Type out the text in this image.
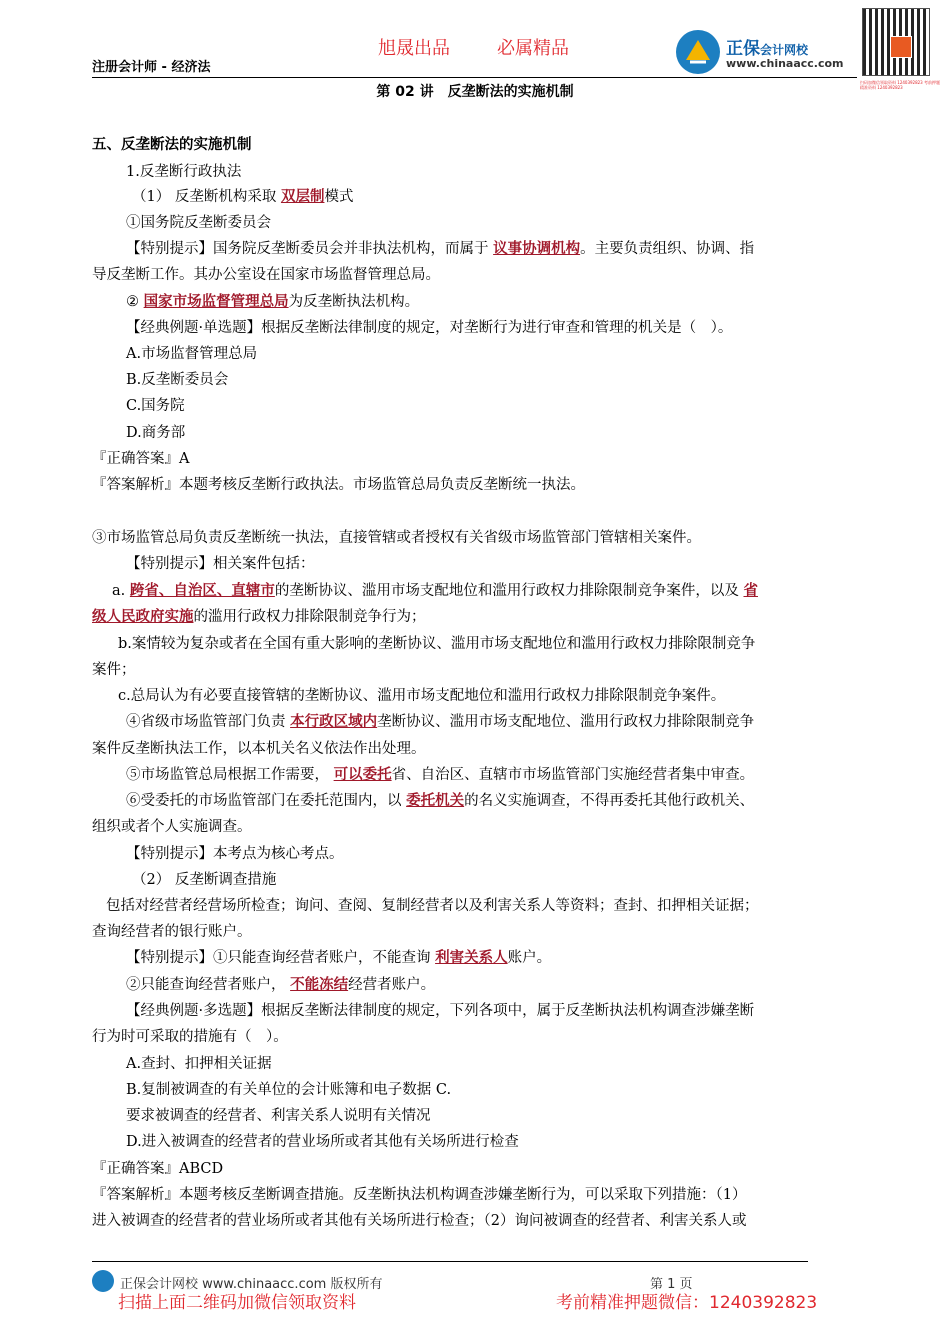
注册会计师 - 经济法
旭晟出品	必属精品	正保会计网校
www.chinaacc.com
扫码加微信领取资料 1240392823 考前押题 精准资料 1240392823
第 02 讲　反垄断法的实施机制
五、反垄断法的实施机制
1.反垄断行政执法
（1） 反垄断机构采取 双层制模式
①国务院反垄断委员会
【特别提示】国务院反垄断委员会并非执法机构，而属于 议事协调机构。主要负责组织、协调、指
导反垄断工作。其办公室设在国家市场监督管理总局。
② 国家市场监督管理总局为反垄断执法机构。
【经典例题·单选题】根据反垄断法律制度的规定，对垄断行为进行审查和管理的机关是（　）。
A.市场监督管理总局
B.反垄断委员会
C.国务院
D.商务部
『正确答案』A
『答案解析』本题考核反垄断行政执法。市场监管总局负责反垄断统一执法。
③市场监管总局负责反垄断统一执法，直接管辖或者授权有关省级市场监管部门管辖相关案件。
【特别提示】相关案件包括：
a. 跨省、自治区、直辖市的垄断协议、滥用市场支配地位和滥用行政权力排除限制竞争案件，以及 省
级人民政府实施的滥用行政权力排除限制竞争行为；
b.案情较为复杂或者在全国有重大影响的垄断协议、滥用市场支配地位和滥用行政权力排除限制竞争
案件；
c.总局认为有必要直接管辖的垄断协议、滥用市场支配地位和滥用行政权力排除限制竞争案件。
④省级市场监管部门负责 本行政区域内垄断协议、滥用市场支配地位、滥用行政权力排除限制竞争
案件反垄断执法工作，以本机关名义依法作出处理。
⑤市场监管总局根据工作需要， 可以委托省、自治区、直辖市市场监管部门实施经营者集中审查。
⑥受委托的市场监管部门在委托范围内，以 委托机关的名义实施调查，不得再委托其他行政机关、
组织或者个人实施调查。
【特别提示】本考点为核心考点。
（2） 反垄断调查措施
包括对经营者经营场所检查；询问、查阅、复制经营者以及利害关系人等资料；查封、扣押相关证据；
查询经营者的银行账户。
【特别提示】①只能查询经营者账户，不能查询 利害关系人账户。
②只能查询经营者账户， 不能冻结经营者账户。
【经典例题·多选题】根据反垄断法律制度的规定，下列各项中，属于反垄断执法机构调查涉嫌垄断
行为时可采取的措施有（　）。
A.查封、扣押相关证据
B.复制被调查的有关单位的会计账簿和电子数据 C.
要求被调查的经营者、利害关系人说明有关情况
D.进入被调查的经营者的营业场所或者其他有关场所进行检查
『正确答案』ABCD
『答案解析』本题考核反垄断调查措施。反垄断执法机构调查涉嫌垄断行为，可以采取下列措施：（1）
进入被调查的经营者的营业场所或者其他有关场所进行检查；（2）询问被调查的经营者、利害关系人或
正保会计网校 www.chinaacc.com 版权所有	第 1 页
扫描上面二维码加微信领取资料	考前精准押题微信：1240392823
